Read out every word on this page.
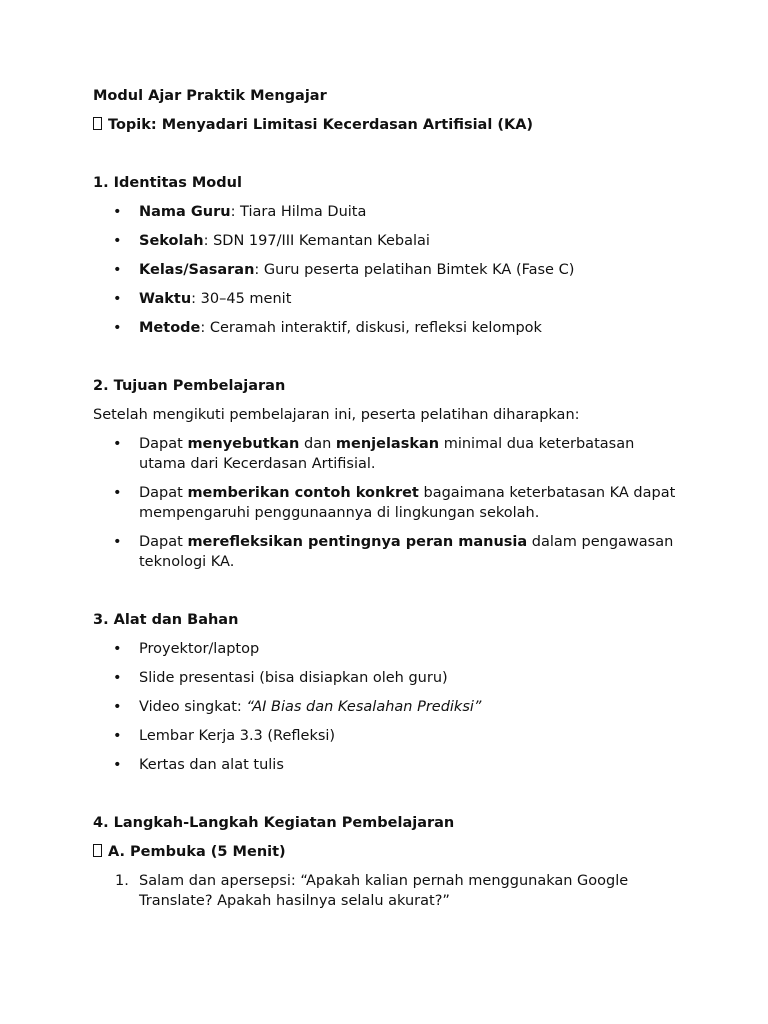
Modul Ajar Praktik Mengajar

Topik: Menyadari Limitasi Kecerdasan Artifisial (KA)

1. Identitas Modul

• Nama Guru: Tiara Hilma Duita
• Sekolah: SDN 197/III Kemantan Kebalai
• Kelas/Sasaran: Guru peserta pelatihan Bimtek KA (Fase C)
• Waktu: 30–45 menit
• Metode: Ceramah interaktif, diskusi, refleksi kelompok

2. Tujuan Pembelajaran

Setelah mengikuti pembelajaran ini, peserta pelatihan diharapkan:

• Dapat menyebutkan dan menjelaskan minimal dua keterbatasan utama dari Kecerdasan Artifisial.
• Dapat memberikan contoh konkret bagaimana keterbatasan KA dapat mempengaruhi penggunaannya di lingkungan sekolah.
• Dapat merefleksikan pentingnya peran manusia dalam pengawasan teknologi KA.

3. Alat dan Bahan

• Proyektor/laptop
• Slide presentasi (bisa disiapkan oleh guru)
• Video singkat: “AI Bias dan Kesalahan Prediksi”
• Lembar Kerja 3.3 (Refleksi)
• Kertas dan alat tulis

4. Langkah-Langkah Kegiatan Pembelajaran

A. Pembuka (5 Menit)

1. Salam dan apersepsi: “Apakah kalian pernah menggunakan Google Translate? Apakah hasilnya selalu akurat?”
